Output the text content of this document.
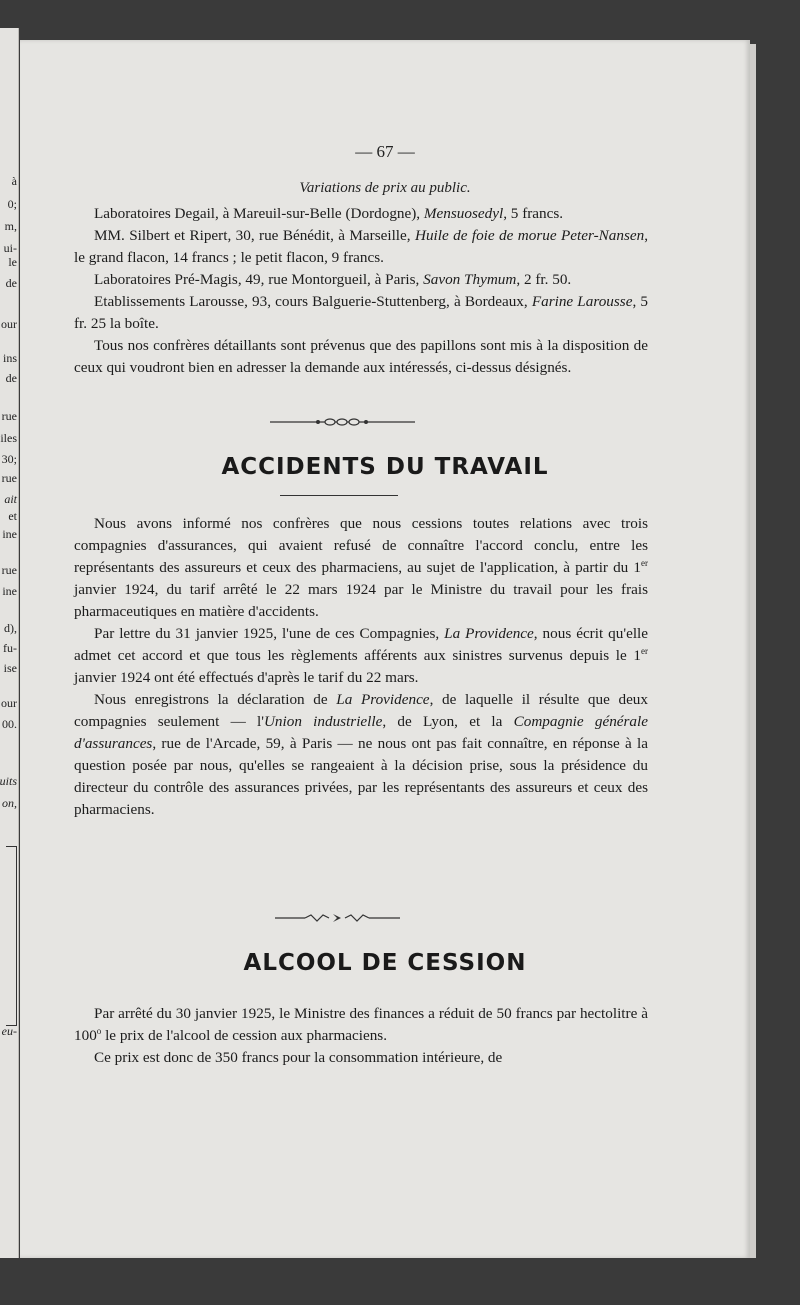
à
0;
m,
ui-
le
de
our
ins
de
rue
iles
30;
rue
ait
et
ine
rue
ine
d),
fu-
ise
our
00.
uits
on,
eu-
— 67 —
Variations de prix au public.

Laboratoires Degail, à Mareuil-sur-Belle (Dordogne), Mensuosedyl, 5 francs.

MM. Silbert et Ripert, 30, rue Bénédit, à Marseille, Huile de foie de morue Peter-Nansen, le grand flacon, 14 francs ; le petit flacon, 9 francs.

Laboratoires Pré-Magis, 49, rue Montorgueil, à Paris, Savon Thymum, 2 fr. 50.

Etablissements Larousse, 93, cours Balguerie-Stuttenberg, à Bordeaux, Farine Larousse, 5 fr. 25 la boîte.

Tous nos confrères détaillants sont prévenus que des papillons sont mis à la disposition de ceux qui voudront bien en adresser la demande aux intéressés, ci-dessus désignés.

ACCIDENTS DU TRAVAIL

Nous avons informé nos confrères que nous cessions toutes relations avec trois compagnies d'assurances, qui avaient refusé de connaître l'accord conclu, entre les représentants des assureurs et ceux des pharmaciens, au sujet de l'application, à partir du 1er janvier 1924, du tarif arrêté le 22 mars 1924 par le Ministre du travail pour les frais pharmaceutiques en matière d'accidents.

Par lettre du 31 janvier 1925, l'une de ces Compagnies, La Providence, nous écrit qu'elle admet cet accord et que tous les règlements afférents aux sinistres survenus depuis le 1er janvier 1924 ont été effectués d'après le tarif du 22 mars.

Nous enregistrons la déclaration de La Providence, de laquelle il résulte que deux compagnies seulement — l'Union industrielle, de Lyon, et la Compagnie générale d'assurances, rue de l'Arcade, 59, à Paris — ne nous ont pas fait connaître, en réponse à la question posée par nous, qu'elles se rangeaient à la décision prise, sous la présidence du directeur du contrôle des assurances privées, par les représentants des assureurs et ceux des pharmaciens.

ALCOOL DE CESSION

Par arrêté du 30 janvier 1925, le Ministre des finances a réduit de 50 francs par hectolitre à 100$^o$ le prix de l'alcool de cession aux pharmaciens.

Ce prix est donc de 350 francs pour la consommation intérieure, de
